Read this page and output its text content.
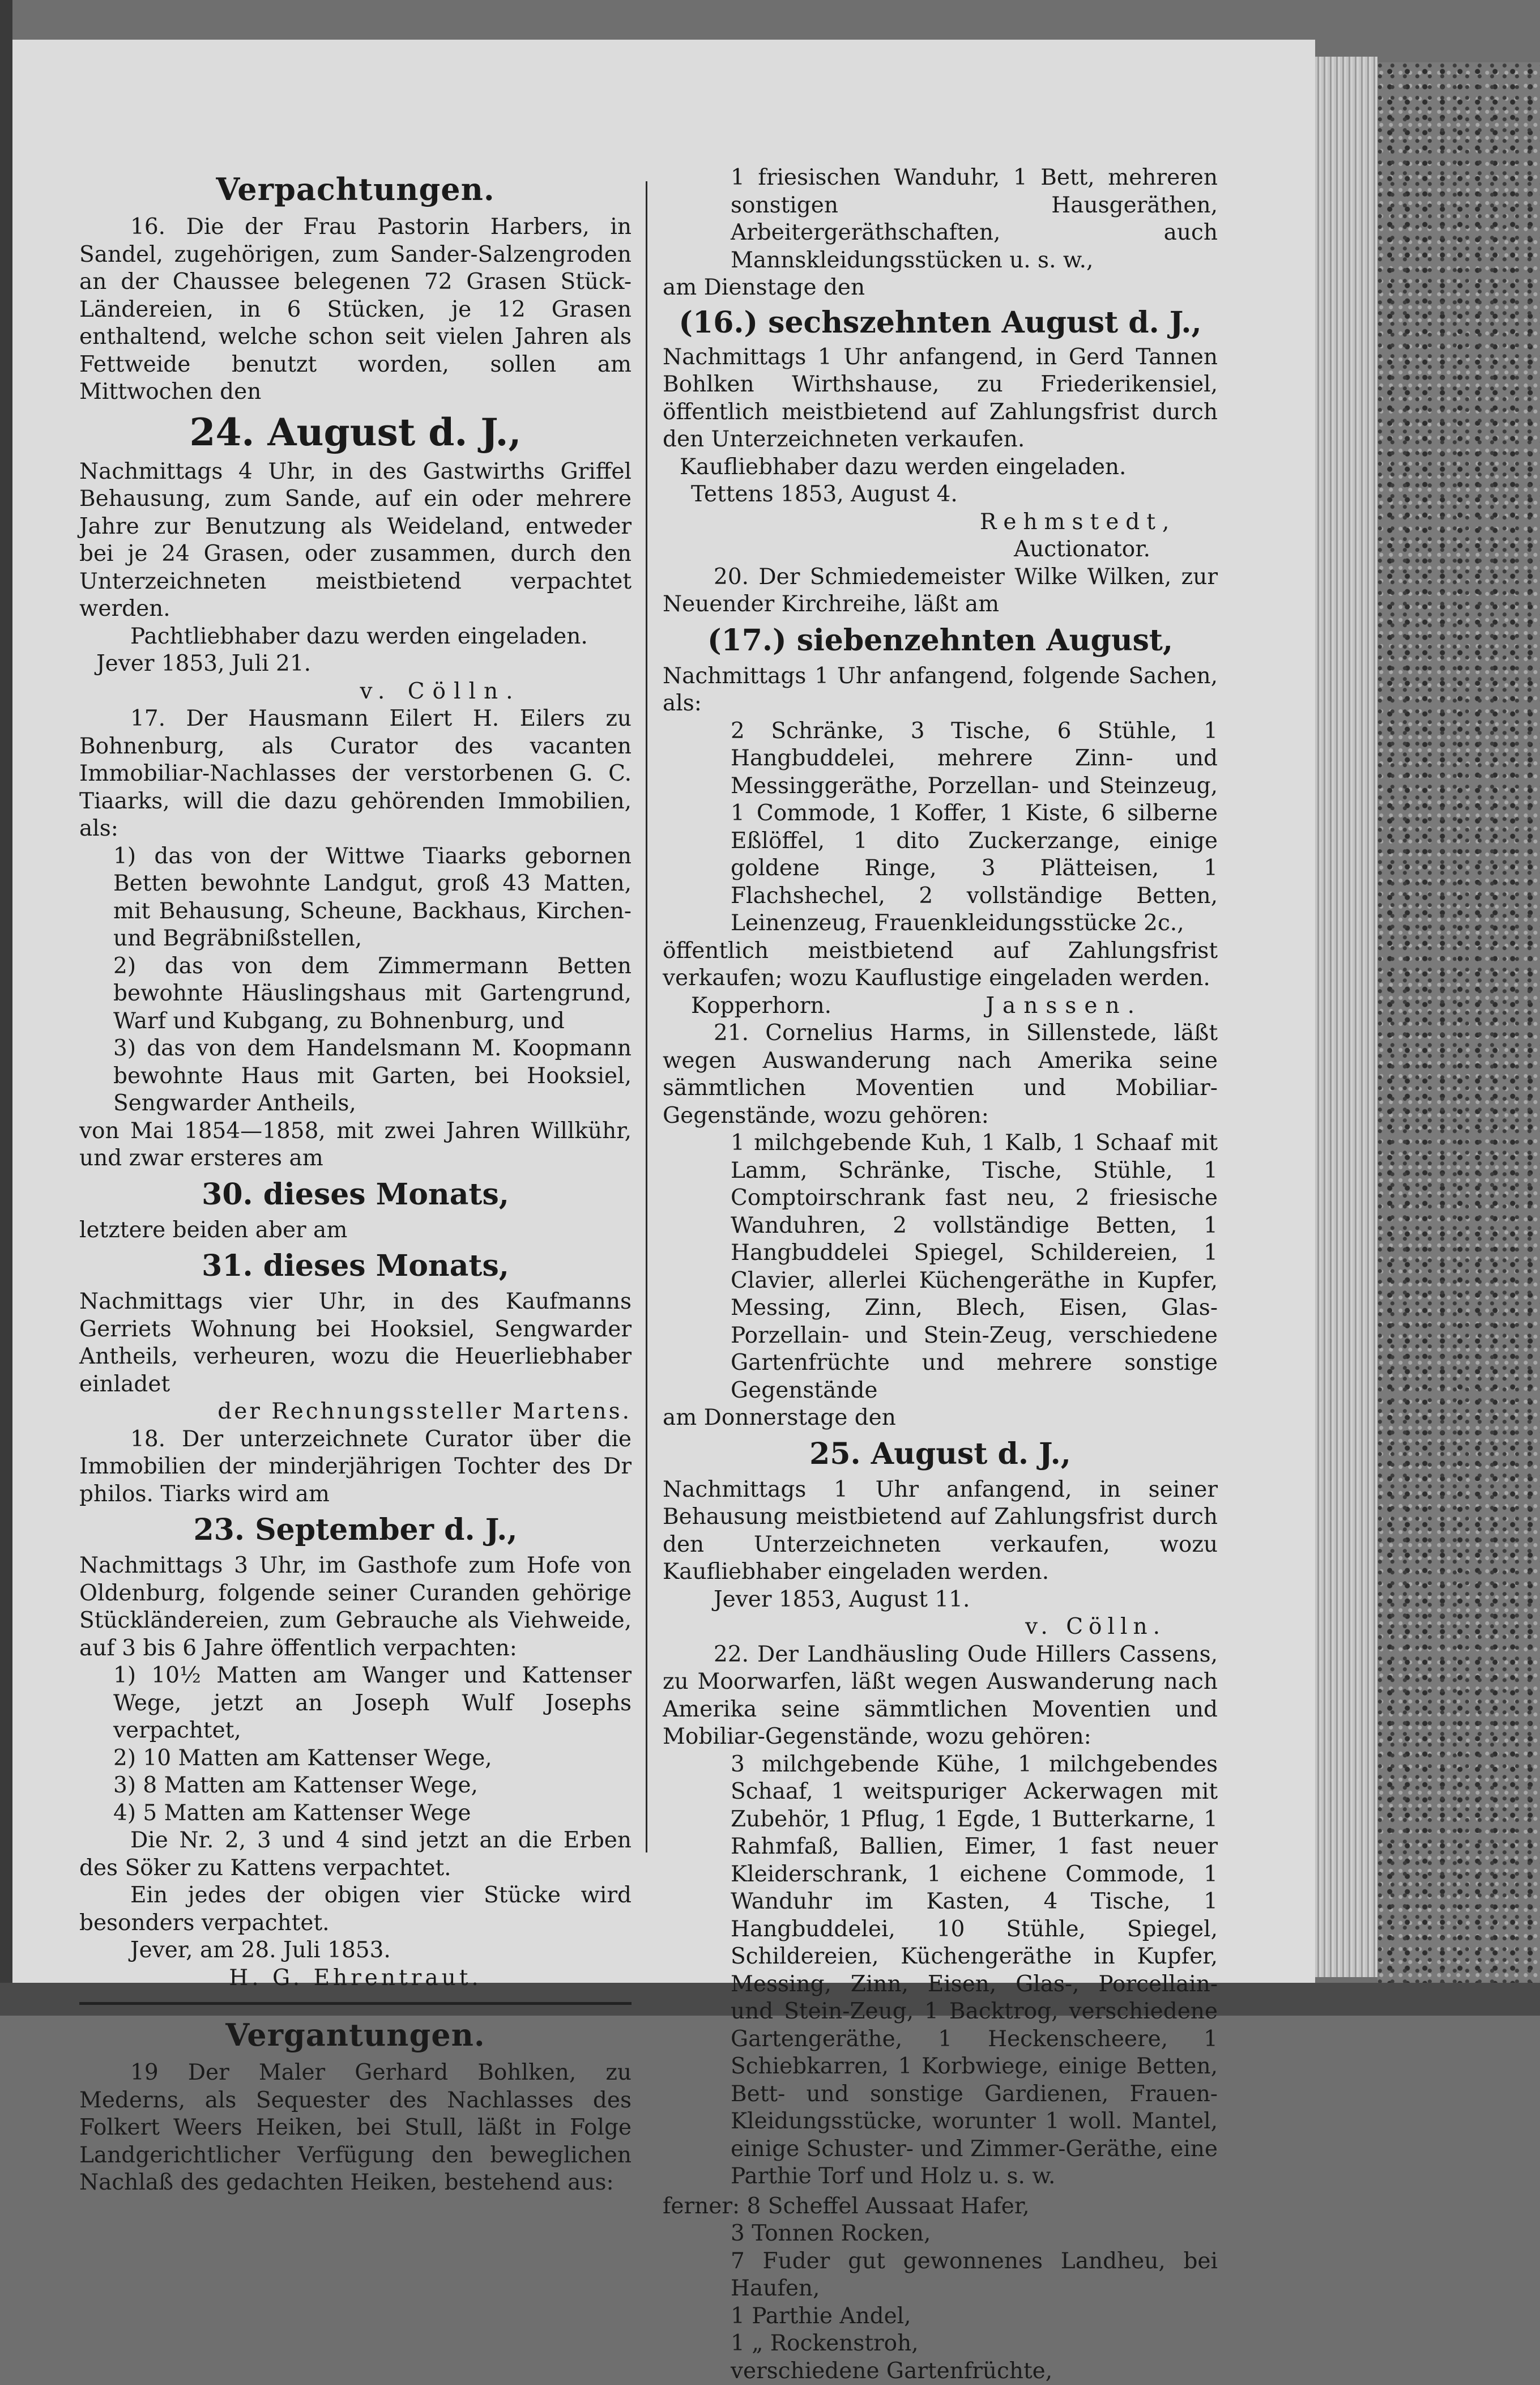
Verpachtungen.

16. Die der Frau Pastorin Harbers, in Sandel, zugehörigen, zum Sander-Salzengroden an der Chaussee belegenen 72 Grasen Stück-Ländereien, in 6 Stücken, je 12 Grasen enthaltend, welche schon seit vielen Jahren als Fettweide benutzt worden, sollen am Mittwochen den

24. August d. J.,

Nachmittags 4 Uhr, in des Gastwirths Griffel Behausung, zum Sande, auf ein oder mehrere Jahre zur Benutzung als Weideland, entweder bei je 24 Grasen, oder zusammen, durch den Unterzeichneten meistbietend verpachtet werden.

Pachtliebhaber dazu werden eingeladen.

Jever 1853, Juli 21.

v. Cölln.

17. Der Hausmann Eilert H. Eilers zu Bohnenburg, als Curator des vacanten Immobiliar-Nachlasses der verstorbenen G. C. Tiaarks, will die dazu gehörenden Immobilien, als:

1) das von der Wittwe Tiaarks gebornen Betten bewohnte Landgut, groß 43 Matten, mit Behausung, Scheune, Backhaus, Kirchen- und Begräbnißstellen,

2) das von dem Zimmermann Betten bewohnte Häuslingshaus mit Gartengrund, Warf und Kubgang, zu Bohnenburg, und

3) das von dem Handelsmann M. Koopmann bewohnte Haus mit Garten, bei Hooksiel, Sengwarder Antheils,

von Mai 1854—1858, mit zwei Jahren Willkühr, und zwar ersteres am

30. dieses Monats,

letztere beiden aber am

31. dieses Monats,

Nachmittags vier Uhr, in des Kaufmanns Gerriets Wohnung bei Hooksiel, Sengwarder Antheils, verheuren, wozu die Heuerliebhaber einladet

der Rechnungssteller Martens.

18. Der unterzeichnete Curator über die Immobilien der minderjährigen Tochter des Dr philos. Tiarks wird am

23. September d. J.,

Nachmittags 3 Uhr, im Gasthofe zum Hofe von Oldenburg, folgende seiner Curanden gehörige Stückländereien, zum Gebrauche als Viehweide, auf 3 bis 6 Jahre öffentlich verpachten:

1) 10½ Matten am Wanger und Kattenser Wege, jetzt an Joseph Wulf Josephs verpachtet,

2) 10 Matten am Kattenser Wege,

3) 8 Matten am Kattenser Wege,

4) 5 Matten am Kattenser Wege

Die Nr. 2, 3 und 4 sind jetzt an die Erben des Söker zu Kattens verpachtet.

Ein jedes der obigen vier Stücke wird besonders verpachtet.

Jever, am 28. Juli 1853.

H. G. Ehrentraut.

Vergantungen.

19 Der Maler Gerhard Bohlken, zu Mederns, als Sequester des Nachlasses des Folkert Weers Heiken, bei Stull, läßt in Folge Landgerichtlicher Verfügung den beweglichen Nachlaß des gedachten Heiken, bestehend aus:

1 friesischen Wanduhr, 1 Bett, mehreren sonstigen Hausgeräthen, Arbeitergeräthschaften, auch Mannskleidungsstücken u. s. w.,

am Dienstage den

(16.) sechszehnten August d. J.,

Nachmittags 1 Uhr anfangend, in Gerd Tannen Bohlken Wirthshause, zu Friederikensiel, öffentlich meistbietend auf Zahlungsfrist durch den Unterzeichneten verkaufen.

Kaufliebhaber dazu werden eingeladen.

Tettens 1853, August 4.

Rehmstedt,

Auctionator.

20. Der Schmiedemeister Wilke Wilken, zur Neuender Kirchreihe, läßt am

(17.) siebenzehnten August,

Nachmittags 1 Uhr anfangend, folgende Sachen, als:

2 Schränke, 3 Tische, 6 Stühle, 1 Hangbuddelei, mehrere Zinn- und Messinggeräthe, Porzellan- und Steinzeug, 1 Commode, 1 Koffer, 1 Kiste, 6 silberne Eßlöffel, 1 dito Zuckerzange, einige goldene Ringe, 3 Plätteisen, 1 Flachshechel, 2 vollständige Betten, Leinenzeug, Frauenkleidungsstücke 2c.,

öffentlich meistbietend auf Zahlungsfrist verkaufen; wozu Kauflustige eingeladen werden.

Kopperhorn.	Janssen.

21. Cornelius Harms, in Sillenstede, läßt wegen Auswanderung nach Amerika seine sämmtlichen Moventien und Mobiliar-Gegenstände, wozu gehören:

1 milchgebende Kuh, 1 Kalb, 1 Schaaf mit Lamm, Schränke, Tische, Stühle, 1 Comptoirschrank fast neu, 2 friesische Wanduhren, 2 vollständige Betten, 1 Hangbuddelei Spiegel, Schildereien, 1 Clavier, allerlei Küchengeräthe in Kupfer, Messing, Zinn, Blech, Eisen, Glas-Porzellain- und Stein-Zeug, verschiedene Gartenfrüchte und mehrere sonstige Gegenstände

am Donnerstage den

25. August d. J.,

Nachmittags 1 Uhr anfangend, in seiner Behausung meistbietend auf Zahlungsfrist durch den Unterzeichneten verkaufen, wozu Kaufliebhaber eingeladen werden.

Jever 1853, August 11.

v. Cölln.

22. Der Landhäusling Oude Hillers Cassens, zu Moorwarfen, läßt wegen Auswanderung nach Amerika seine sämmtlichen Moventien und Mobiliar-Gegenstände, wozu gehören:

3 milchgebende Kühe, 1 milchgebendes Schaaf, 1 weitspuriger Ackerwagen mit Zubehör, 1 Pflug, 1 Egde, 1 Butterkarne, 1 Rahmfaß, Ballien, Eimer, 1 fast neuer Kleiderschrank, 1 eichene Commode, 1 Wanduhr im Kasten, 4 Tische, 1 Hangbuddelei, 10 Stühle, Spiegel, Schildereien, Küchengeräthe in Kupfer, Messing, Zinn, Eisen, Glas-, Porcellain- und Stein-Zeug, 1 Backtrog, verschiedene Gartengeräthe, 1 Heckenscheere, 1 Schiebkarren, 1 Korbwiege, einige Betten, Bett- und sonstige Gardienen, Frauen-Kleidungsstücke, worunter 1 woll. Mantel, einige Schuster- und Zimmer-Geräthe, eine Parthie Torf und Holz u. s. w.

ferner: 8 Scheffel Aussaat Hafer,

3 Tonnen Rocken,

7 Fuder gut gewonnenes Landheu, bei Haufen,

1 Parthie Andel,

1 „ Rockenstroh,

verschiedene Gartenfrüchte,
